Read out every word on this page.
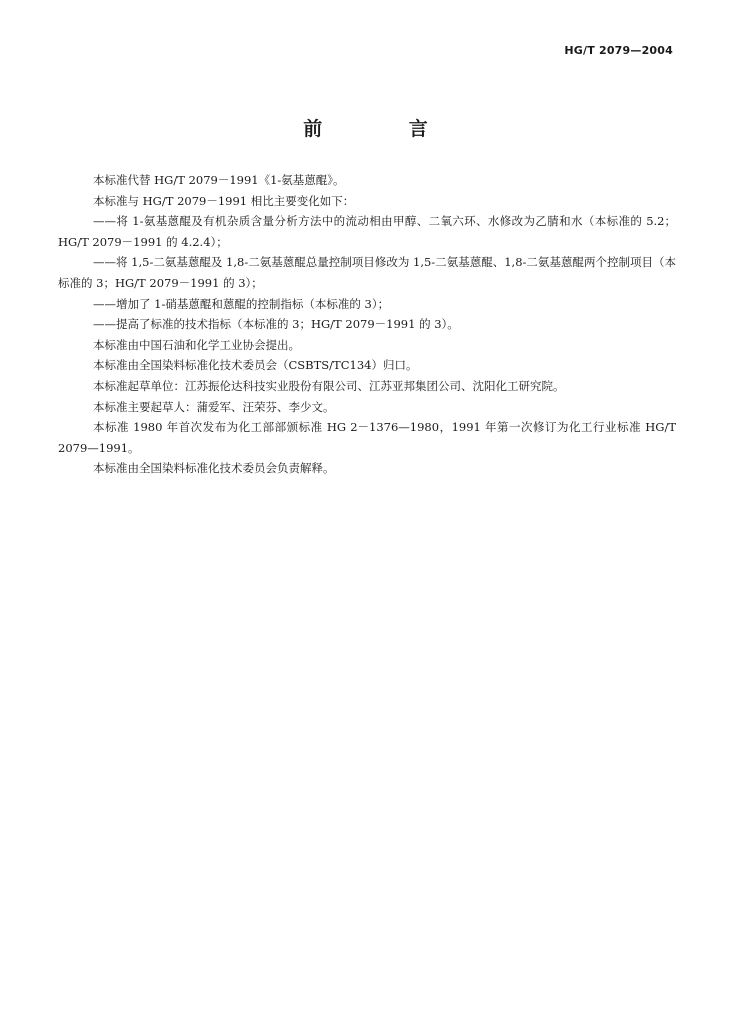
HG/T 2079—2004
前 言

本标准代替 HG/T 2079－1991《1-氨基蒽醌》。

本标准与 HG/T 2079－1991 相比主要变化如下：

——将 1-氨基蒽醌及有机杂质含量分析方法中的流动相由甲醇、二氧六环、水修改为乙腈和水（本标准的 5.2；HG/T 2079－1991 的 4.2.4）；

——将 1,5-二氨基蒽醌及 1,8-二氨基蒽醌总量控制项目修改为 1,5-二氨基蒽醌、1,8-二氨基蒽醌两个控制项目（本标准的 3；HG/T 2079－1991 的 3）；

——增加了 1-硝基蒽醌和蒽醌的控制指标（本标准的 3）；

——提高了标准的技术指标（本标准的 3；HG/T 2079－1991 的 3）。

本标准由中国石油和化学工业协会提出。

本标准由全国染料标准化技术委员会（CSBTS/TC134）归口。

本标准起草单位：江苏振伦达科技实业股份有限公司、江苏亚邦集团公司、沈阳化工研究院。

本标准主要起草人：蒲爱军、汪荣芬、李少文。

本标准 1980 年首次发布为化工部部颁标准 HG 2－1376—1980，1991 年第一次修订为化工行业标准 HG/T 2079—1991。

本标准由全国染料标准化技术委员会负责解释。
